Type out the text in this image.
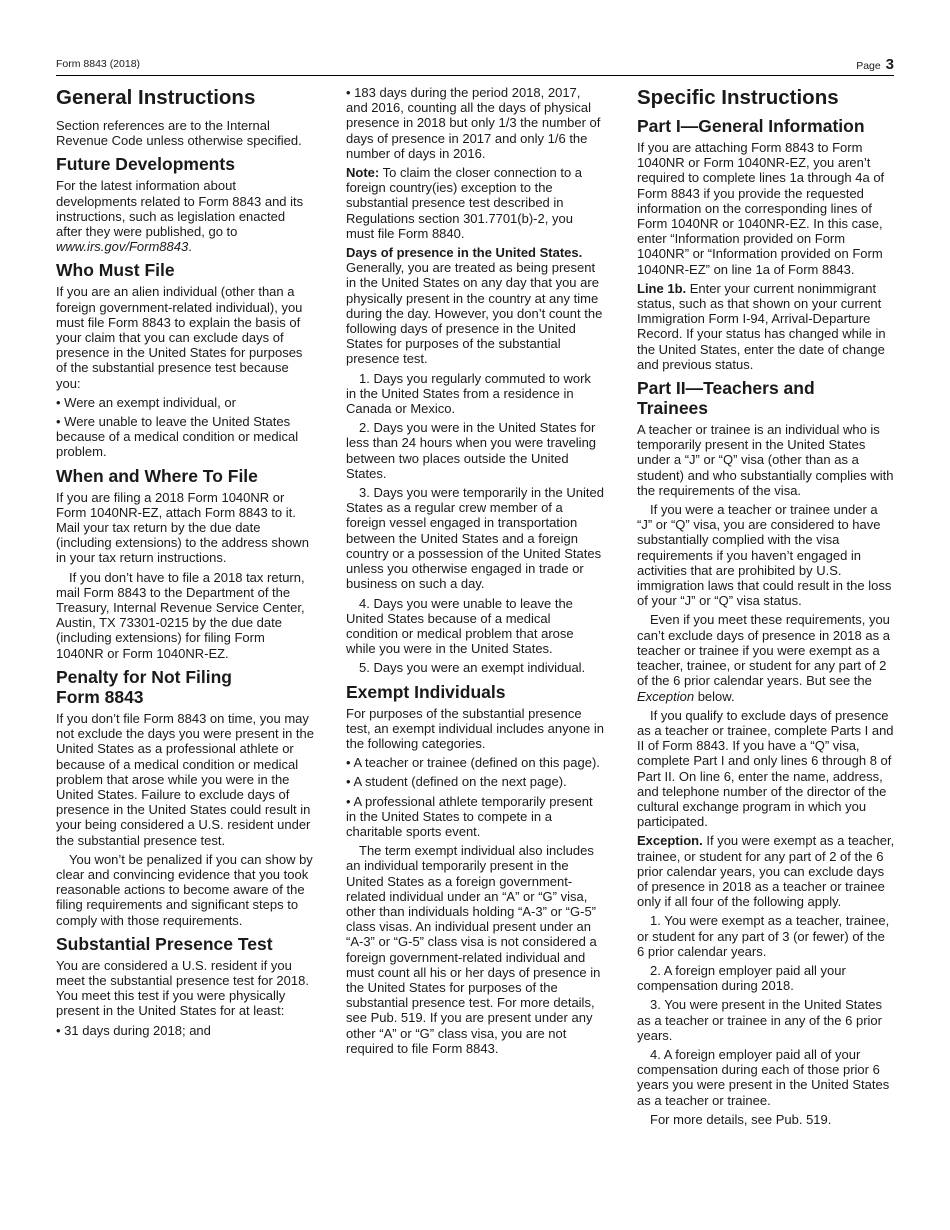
Form 8843 (2018)	Page 3
General Instructions

Section references are to the Internal Revenue Code unless otherwise specified.

Future Developments

For the latest information about developments related to Form 8843 and its instructions, such as legislation enacted after they were published, go to www.irs.gov/Form8843.

Who Must File

If you are an alien individual (other than a foreign government-related individual), you must file Form 8843 to explain the basis of your claim that you can exclude days of presence in the United States for purposes of the substantial presence test because you:

• Were an exempt individual, or

• Were unable to leave the United States because of a medical condition or medical problem.

When and Where To File

If you are filing a 2018 Form 1040NR or Form 1040NR-EZ, attach Form 8843 to it. Mail your tax return by the due date (including extensions) to the address shown in your tax return instructions.

If you don’t have to file a 2018 tax return, mail Form 8843 to the Department of the Treasury, Internal Revenue Service Center, Austin, TX 73301-0215 by the due date (including extensions) for filing Form 1040NR or Form 1040NR-EZ.

Penalty for Not Filing
Form 8843

If you don’t file Form 8843 on time, you may not exclude the days you were present in the United States as a professional athlete or because of a medical condition or medical problem that arose while you were in the United States. Failure to exclude days of presence in the United States could result in your being considered a U.S. resident under the substantial presence test.

You won’t be penalized if you can show by clear and convincing evidence that you took reasonable actions to become aware of the filing requirements and significant steps to comply with those requirements.

Substantial Presence Test

You are considered a U.S. resident if you meet the substantial presence test for 2018. You meet this test if you were physically present in the United States for at least:

• 31 days during 2018; and

• 183 days during the period 2018, 2017, and 2016, counting all the days of physical presence in 2018 but only 1/3 the number of days of presence in 2017 and only 1/6 the number of days in 2016.

Note: To claim the closer connection to a foreign country(ies) exception to the substantial presence test described in Regulations section 301.7701(b)-2, you must file Form 8840.

Days of presence in the United States. Generally, you are treated as being present in the United States on any day that you are physically present in the country at any time during the day. However, you don’t count the following days of presence in the United States for purposes of the substantial presence test.

1. Days you regularly commuted to work in the United States from a residence in Canada or Mexico.

2. Days you were in the United States for less than 24 hours when you were traveling between two places outside the United States.

3. Days you were temporarily in the United States as a regular crew member of a foreign vessel engaged in transportation between the United States and a foreign country or a possession of the United States unless you otherwise engaged in trade or business on such a day.

4. Days you were unable to leave the United States because of a medical condition or medical problem that arose while you were in the United States.

5. Days you were an exempt individual.

Exempt Individuals

For purposes of the substantial presence test, an exempt individual includes anyone in the following categories.

• A teacher or trainee (defined on this page).

• A student (defined on the next page).

• A professional athlete temporarily present in the United States to compete in a charitable sports event.

The term exempt individual also includes an individual temporarily present in the United States as a foreign government-related individual under an “A” or “G” visa, other than individuals holding “A-3” or “G-5” class visas. An individual present under an “A-3” or “G-5” class visa is not considered a foreign government-related individual and must count all his or her days of presence in the United States for purposes of the substantial presence test. For more details, see Pub. 519. If you are present under any other “A” or “G” class visa, you are not required to file Form 8843.

Specific Instructions
Part I—General Information

If you are attaching Form 8843 to Form 1040NR or Form 1040NR-EZ, you aren’t required to complete lines 1a through 4a of Form 8843 if you provide the requested information on the corresponding lines of Form 1040NR or 1040NR-EZ. In this case, enter “Information provided on Form 1040NR” or “Information provided on Form 1040NR-EZ” on line 1a of Form 8843.

Line 1b. Enter your current nonimmigrant status, such as that shown on your current Immigration Form I-94, Arrival-Departure Record. If your status has changed while in the United States, enter the date of change and previous status.

Part II—Teachers and
Trainees

A teacher or trainee is an individual who is temporarily present in the United States under a “J” or “Q” visa (other than as a student) and who substantially complies with the requirements of the visa.

If you were a teacher or trainee under a “J” or “Q” visa, you are considered to have substantially complied with the visa requirements if you haven’t engaged in activities that are prohibited by U.S. immigration laws that could result in the loss of your “J” or “Q” visa status.

Even if you meet these requirements, you can’t exclude days of presence in 2018 as a teacher or trainee if you were exempt as a teacher, trainee, or student for any part of 2 of the 6 prior calendar years. But see the Exception below.

If you qualify to exclude days of presence as a teacher or trainee, complete Parts I and II of Form 8843. If you have a “Q” visa, complete Part I and only lines 6 through 8 of Part II. On line 6, enter the name, address, and telephone number of the director of the cultural exchange program in which you participated.

Exception. If you were exempt as a teacher, trainee, or student for any part of 2 of the 6 prior calendar years, you can exclude days of presence in 2018 as a teacher or trainee only if all four of the following apply.

1. You were exempt as a teacher, trainee, or student for any part of 3 (or fewer) of the 6 prior calendar years.

2. A foreign employer paid all your compensation during 2018.

3. You were present in the United States as a teacher or trainee in any of the 6 prior years.

4. A foreign employer paid all of your compensation during each of those prior 6 years you were present in the United States as a teacher or trainee.

For more details, see Pub. 519.
